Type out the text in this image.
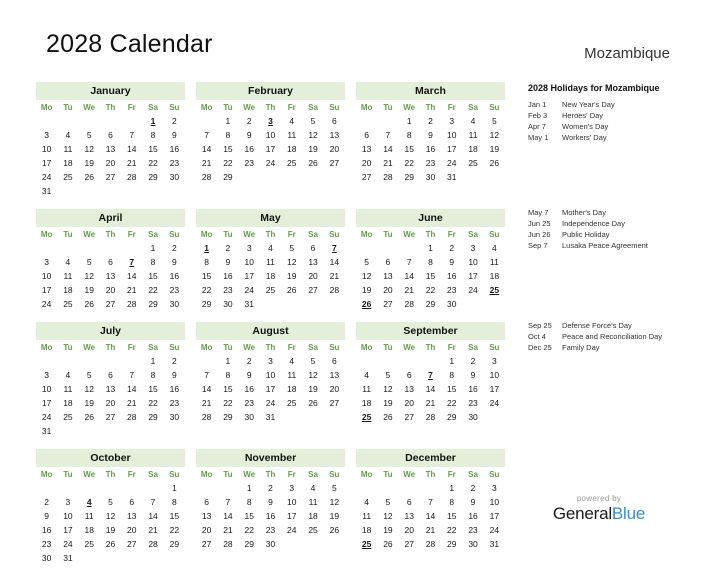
2028 Calendar	Mozambique
January
Mo	Tu	We	Th	Fr	Sa	Su
					1	2
3	4	5	6	7	8	9
10	11	12	13	14	15	16
17	18	19	20	21	22	23
24	25	26	27	28	29	30
31						
February
Mo	Tu	We	Th	Fr	Sa	Su
	1	2	3	4	5	6
7	8	9	10	11	12	13
14	15	16	17	18	19	20
21	22	23	24	25	26	27
28	29					
March
Mo	Tu	We	Th	Fr	Sa	Su
		1	2	3	4	5
6	7	8	9	10	11	12
13	14	15	16	17	18	19
20	21	22	23	24	25	26
27	28	29	30	31		
April
Mo	Tu	We	Th	Fr	Sa	Su
					1	2
3	4	5	6	7	8	9
10	11	12	13	14	15	16
17	18	19	20	21	22	23
24	25	26	27	28	29	30
May
Mo	Tu	We	Th	Fr	Sa	Su
1	2	3	4	5	6	7
8	9	10	11	12	13	14
15	16	17	18	19	20	21
22	23	24	25	26	27	28
29	30	31				
June
Mo	Tu	We	Th	Fr	Sa	Su
			1	2	3	4
5	6	7	8	9	10	11
12	13	14	15	16	17	18
19	20	21	22	23	24	25
26	27	28	29	30		
July
Mo	Tu	We	Th	Fr	Sa	Su
					1	2
3	4	5	6	7	8	9
10	11	12	13	14	15	16
17	18	19	20	21	22	23
24	25	26	27	28	29	30
31						
August
Mo	Tu	We	Th	Fr	Sa	Su
	1	2	3	4	5	6
7	8	9	10	11	12	13
14	15	16	17	18	19	20
21	22	23	24	25	26	27
28	29	30	31			
September
Mo	Tu	We	Th	Fr	Sa	Su
				1	2	3
4	5	6	7	8	9	10
11	12	13	14	15	16	17
18	19	20	21	22	23	24
25	26	27	28	29	30	
October
Mo	Tu	We	Th	Fr	Sa	Su
						1
2	3	4	5	6	7	8
9	10	11	12	13	14	15
16	17	18	19	20	21	22
23	24	25	26	27	28	29
30	31					
November
Mo	Tu	We	Th	Fr	Sa	Su
		1	2	3	4	5
6	7	8	9	10	11	12
13	14	15	16	17	18	19
20	21	22	23	24	25	26
27	28	29	30			
December
Mo	Tu	We	Th	Fr	Sa	Su
				1	2	3
4	5	6	7	8	9	10
11	12	13	14	15	16	17
18	19	20	21	22	23	24
25	26	27	28	29	30	31
2028 Holidays for Mozambique
Jan 1	New Year's Day
Feb 3	Heroes' Day
Apr 7	Women's Day
May 1	Workers' Day
May 7	Mother's Day
Jun 25	Independence Day
Jun 26	Public Holiday
Sep 7	Lusaka Peace Agreement
Sep 25	Defense Force's Day
Oct 4	Peace and Reconciliation Day
Dec 25	Family Day
powered by
GeneralBlue
